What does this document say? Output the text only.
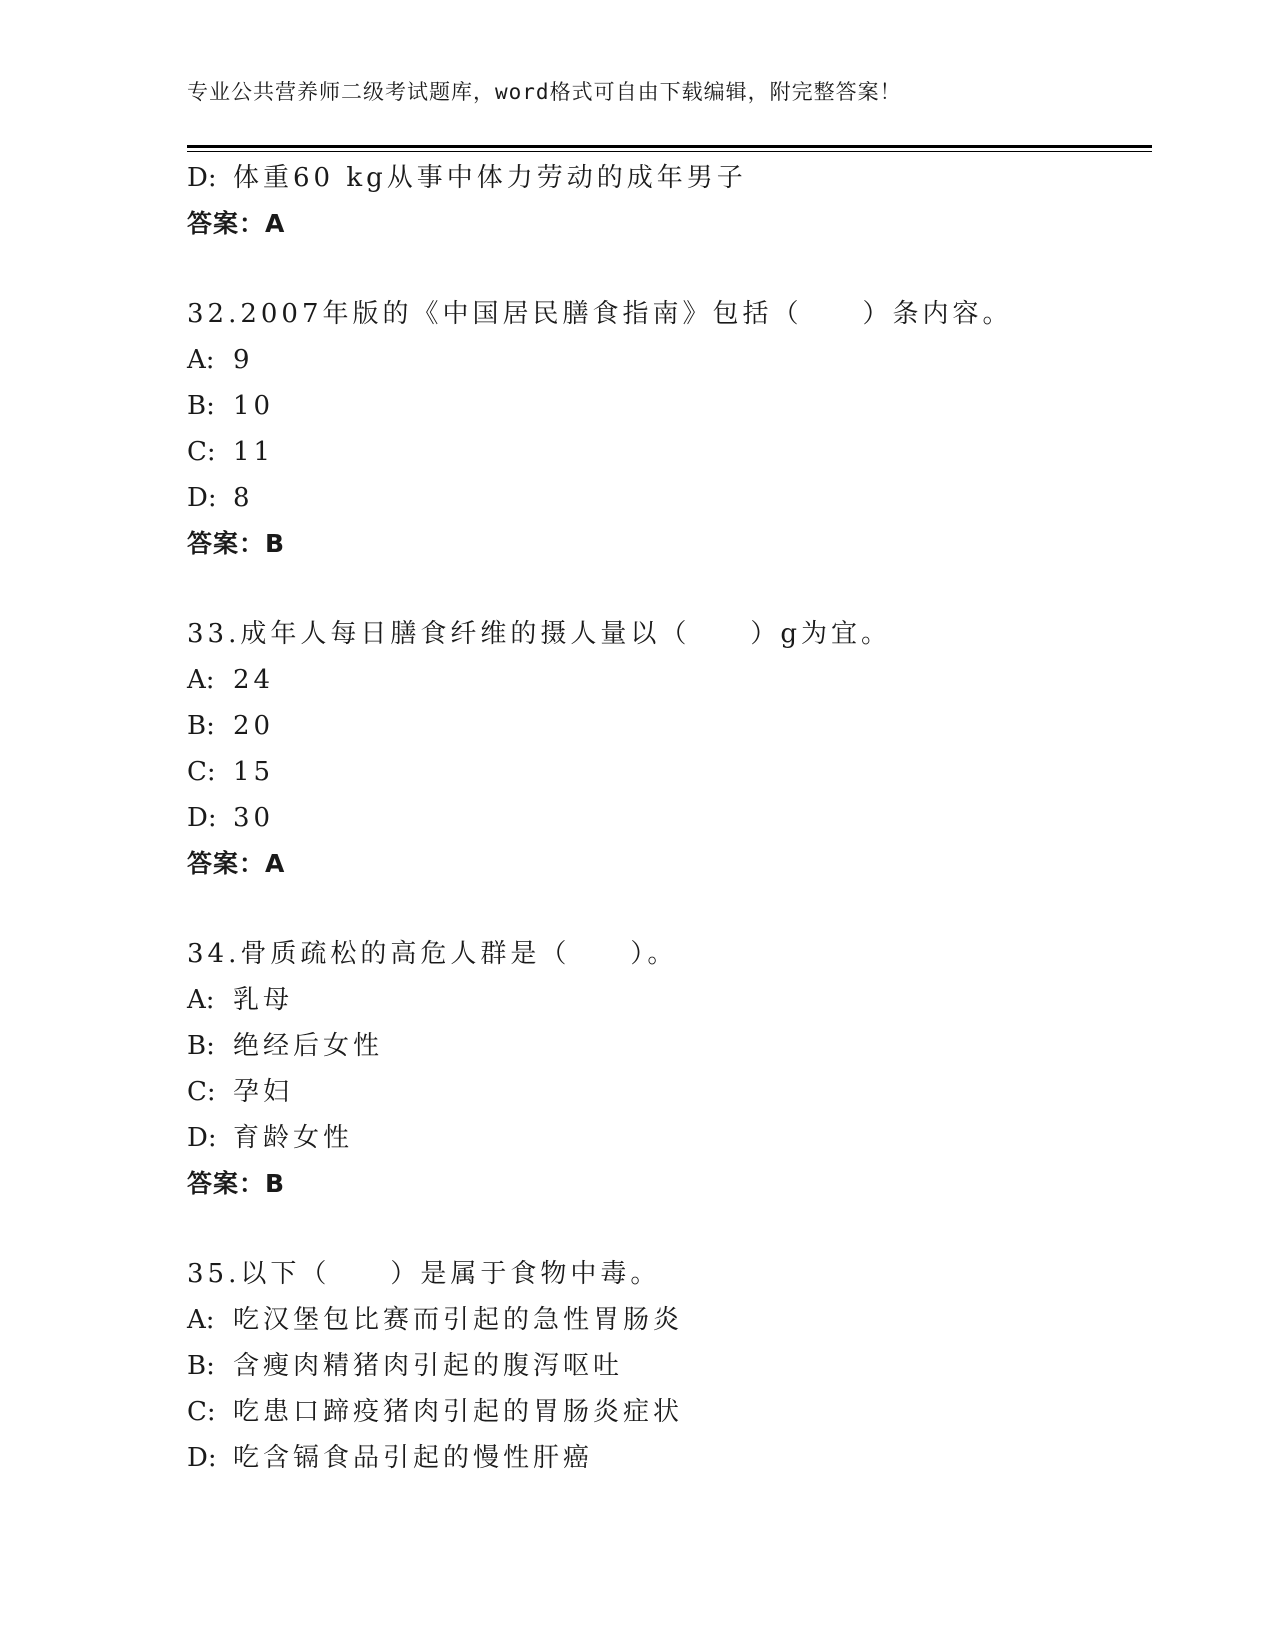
专业公共营养师二级考试题库，word格式可自由下载编辑，附完整答案！
D: 体重60 kg从事中体力劳动的成年男子
答案：A
32.2007年版的《中国居民膳食指南》包括（　　）条内容。
A: 9
B: 10
C: 11
D: 8
答案：B
33.成年人每日膳食纤维的摄人量以（　　）g为宜。
A: 24
B: 20
C: 15
D: 30
答案：A
34.骨质疏松的高危人群是（　　）。
A: 乳母
B: 绝经后女性
C: 孕妇
D: 育龄女性
答案：B
35.以下（　　）是属于食物中毒。
A: 吃汉堡包比赛而引起的急性胃肠炎
B: 含瘦肉精猪肉引起的腹泻呕吐
C: 吃患口蹄疫猪肉引起的胃肠炎症状
D: 吃含镉食品引起的慢性肝癌
